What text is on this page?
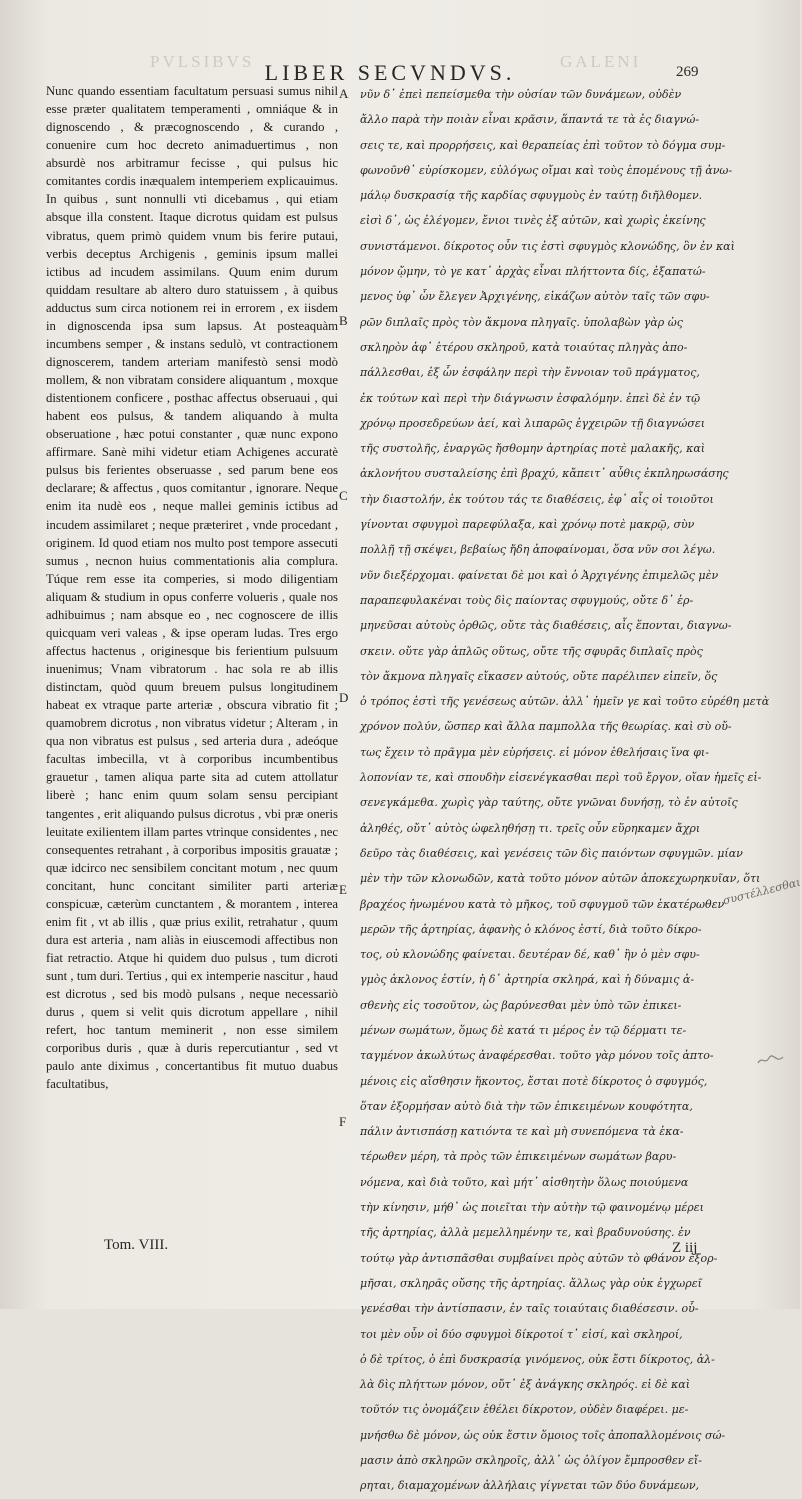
PVLSIBVS	GALENI
LIBER SECVNDVS.	269

Nunc quando essentiam facultatum persuasi sumus nihil esse præter qualitatem temperamenti , omniáque & in dignoscendo , & præcognoscendo , & curando , conuenire cum hoc decreto animaduertimus , non absurdè nos arbitramur fecisse , qui pulsus hic comitantes cordis inæqualem intemperiem explicauimus. In quibus , sunt nonnulli vti dicebamus , qui etiam absque illa constent. Itaque dicrotus quidam est pulsus vibratus, quem primò quidem vnum bis ferire putaui, verbis deceptus Archigenis , geminis ipsum mallei ictibus ad incudem assimilans. Quum enim durum quiddam resultare ab altero duro statuissem , à quibus adductus sum circa notionem rei in errorem , ex iisdem in dignoscenda ipsa sum lapsus. At posteaquàm incumbens semper , & instans sedulò, vt contractionem dignoscerem, tandem arteriam manifestò sensi modò mollem, & non vibratam considere aliquantum , moxque distentionem conficere , posthac affectus obseruaui , qui habent eos pulsus, & tandem aliquando à multa obseruatione , hæc potui constanter , quæ nunc expono affirmare. Sanè mihi videtur etiam Achigenes accuratè pulsus bis ferientes obseruasse , sed parum bene eos declarare; & affectus , quos comitantur , ignorare. Neque enim ita nudè eos , neque mallei geminis ictibus ad incudem assimilaret ; neque præteriret , vnde procedant , originem. Id quod etiam nos multo post tempore assecuti sumus , necnon huius commentationis alia complura. Túque rem esse ita comperies, si modo diligentiam aliquam & studium in opus conferre volueris , quale nos adhibuimus ; nam absque eo , nec cognoscere de illis quicquam veri valeas , & ipse operam ludas. Tres ergo affectus hactenus , originesque bis ferientium pulsuum inuenimus; Vnam vibratorum . hac sola re ab illis distinctam, quòd quum breuem pulsus longitudinem habeat ex vtraque parte arteriæ , obscura vibratio fit ; quamobrem dicrotus , non vibratus videtur ; Alteram , in qua non vibratus est pulsus , sed arteria dura , adeóque facultas imbecilla, vt à corporibus incumbentibus grauetur , tamen aliqua parte sita ad cutem attollatur liberè ; hanc enim quum solam sensu percipiant tangentes , erit aliquando pulsus dicrotus , vbi præ oneris leuitate exilientem illam partes vtrinque considentes , nec consequentes retrahant , à corporibus impositis grauatæ ; quæ idcirco nec sensibilem concitant motum , nec quum concitant, hunc concitant similiter parti arteriæ conspicuæ, cæterùm cunctantem , & morantem , interea enim fit , vt ab illis , quæ prius exilit, retrahatur , quum dura est arteria , nam aliàs in eiuscemodi affectibus non fiat retractio. Atque hi quidem duo pulsus , tum dicroti sunt , tum duri. Tertius , qui ex intemperie nascitur , haud est dicrotus , sed bis modò pulsans , neque necessariò durus , quem si velit quis dicrotum appellare , nihil refert, hoc tantum meminerit , non esse similem corporibus duris , quæ à duris repercutiantur , sed vt paulo ante diximus , concertantibus fit mutuo duabus facultatibus,

A
B
C
D
E
F
νῦν δ᾽ ἐπεὶ πεπείσμεθα τὴν οὐσίαν τῶν δυνάμεων, οὐδὲν
ἄλλο παρὰ τὴν ποιὰν εἶναι κρᾶσιν, ἅπαντά τε τὰ ἐς διαγνώ-
σεις τε, καὶ προρρήσεις, καὶ θεραπείας ἐπὶ τοῦτον τὸ δόγμα συμ-
φωνοῦνθ᾽ εὑρίσκομεν, εὐλόγως οἴμαι καὶ τοὺς ἑπομένους τῇ ἀνω-
μάλῳ δυσκρασίᾳ τῆς καρδίας σφυγμοὺς ἐν ταύτῃ διῆλθομεν.
εἰσὶ δ᾽, ὡς ἐλέγομεν, ἔνιοι τινὲς ἐξ αὐτῶν, καὶ χωρὶς ἐκείνης
συνιστάμενοι. δίκροτος οὖν τις ἐστὶ σφυγμὸς κλονώδης, ὃν ἐν καὶ
μόνον ᾤμην, τὸ γε κατ᾽ ἀρχὰς εἶναι πλήττοντα δίς, ἐξαπατώ-
μενος ὑφ᾽ ὧν ἔλεγεν Ἀρχιγένης, εἰκάζων αὐτὸν ταῖς τῶν σφυ-
ρῶν διπλαῖς πρὸς τὸν ἄκμονα πληγαῖς. ὑπολαβὼν γὰρ ὡς
σκληρὸν ἀφ᾽ ἑτέρου σκληροῦ, κατὰ τοιαύτας πληγὰς ἀπο-
πάλλεσθαι, ἐξ ὧν ἐσφάλην περὶ τὴν ἔννοιαν τοῦ πράγματος,
ἐκ τούτων καὶ περὶ τὴν διάγνωσιν ἐσφαλόμην. ἐπεὶ δὲ ἐν τῷ
χρόνῳ προσεδρεύων ἀεί, καὶ λιπαρῶς ἐγχειρῶν τῇ διαγνώσει
τῆς συστολῆς, ἐναργῶς ἤσθομην ἀρτηρίας ποτὲ μαλακῆς, καὶ
ἀκλονήτου συσταλείσης ἐπὶ βραχύ, κἄπειτ᾽ αὖθις ἐκπληρωσάσης
τὴν διαστολήν, ἐκ τούτου τάς τε διαθέσεις, ἐφ᾽ αἷς οἱ τοιοῦτοι
γίνονται σφυγμοὶ παρεφύλαξα, καὶ χρόνῳ ποτὲ μακρῷ, σὺν
πολλῇ τῇ σκέψει, βεβαίως ἤδη ἀποφαίνομαι, ὅσα νῦν σοι λέγω.
νῦν διεξέρχομαι. φαίνεται δὲ μοι καὶ ὁ Ἀρχιγένης ἐπιμελῶς μὲν
παραπεφυλακέναι τοὺς δὶς παίοντας σφυγμούς, οὔτε δ᾽ ἑρ-
μηνεῦσαι αὐτοὺς ὀρθῶς, οὔτε τὰς διαθέσεις, αἷς ἕπονται, διαγνω-
σκειν. οὔτε γὰρ ἁπλῶς οὕτως, οὔτε τῆς σφυρᾶς διπλαῖς πρὸς
τὸν ἄκμονα πληγαῖς εἴκασεν αὐτούς, οὔτε παρέλιπεν εἰπεῖν, ὅς
ὁ τρόπος ἐστὶ τῆς γενέσεως αὐτῶν. ἀλλ᾽ ἡμεῖν γε καὶ τοῦτο εὑρέθη μετὰ
χρόνον πολύν, ὥσπερ καὶ ἄλλα παμπολλα τῆς θεωρίας. καὶ σὺ οὔ-
τως ἔχειν τὸ πρᾶγμα μὲν εὑρήσεις. εἰ μόνον ἐθελήσαις ἵνα φι-
λοπονίαν τε, καὶ σπουδὴν εἰσενέγκασθαι περὶ τοῦ ἔργον, οἵαν ἡμεῖς εἰ-
σενεγκάμεθα. χωρὶς γὰρ ταύτης, οὔτε γνῶναι δυνήσῃ, τὸ ἐν αὐτοῖς
ἀληθές, οὔτ᾽ αὐτὸς ὠφεληθήσῃ τι. τρεῖς οὖν εὕρηκαμεν ἄχρι
δεῦρο τὰς διαθέσεις, καὶ γενέσεις τῶν δὶς παιόντων σφυγμῶν. μίαν
μὲν τὴν τῶν κλονωδῶν, κατὰ τοῦτο μόνον αὐτῶν ἀποκεχωρηκυῖαν, ὅτι
βραχέος ἠνωμένου κατὰ τὸ μῆκος, τοῦ σφυγμοῦ τῶν ἑκατέρωθεν
μερῶν τῆς ἀρτηρίας, ἀφανὴς ὁ κλόνος ἐστί, διὰ τοῦτο δίκρο-
τος, οὐ κλονώδης φαίνεται. δευτέραν δέ, καθ᾽ ἣν ὁ μὲν σφυ-
γμὸς ἀκλονος ἐστίν, ἡ δ᾽ ἀρτηρία σκληρά, καὶ ἡ δύναμις ἀ-
σθενὴς εἰς τοσοῦτον, ὡς βαρύνεσθαι μὲν ὑπὸ τῶν ἐπικει-
μένων σωμάτων, ὅμως δὲ κατά τι μέρος ἐν τῷ δέρματι τε-
ταγμένον ἀκωλύτως ἀναφέρεσθαι. τοῦτο γὰρ μόνου τοῖς ἁπτο-
μένοις εἰς αἴσθησιν ἥκοντος, ἔσται ποτὲ δίκροτος ὁ σφυγμός,
ὅταν ἐξορμήσαν αὐτὸ διὰ τὴν τῶν ἐπικειμένων κουφότητα,
πάλιν ἀντισπάσῃ κατιόντα τε καὶ μὴ συνεπόμενα τὰ ἑκα-
τέρωθεν μέρη, τὰ πρὸς τῶν ἐπικειμένων σωμάτων βαρυ-
νόμενα, καὶ διὰ τοῦτο, καὶ μήτ᾽ αἰσθητὴν ὅλως ποιούμενα
τὴν κίνησιν, μήθ᾽ ὡς ποιεῖται τὴν αὐτὴν τῷ φαινομένῳ μέρει
τῆς ἀρτηρίας, ἀλλὰ μεμελλημένην τε, καὶ βραδυνούσης. ἐν
τούτῳ γὰρ ἀντισπᾶσθαι συμβαίνει πρὸς αὐτῶν τὸ φθάνον ἐξορ-
μῆσαι, σκληρᾶς οὔσης τῆς ἀρτηρίας. ἄλλως γὰρ οὐκ ἐγχωρεῖ
γενέσθαι τὴν ἀντίσπασιν, ἐν ταῖς τοιαύταις διαθέσεσιν. οὗ-
τοι μὲν οὖν οἱ δύο σφυγμοὶ δίκροτοί τ᾽ εἰσί, καὶ σκληροί,
ὁ δὲ τρίτος, ὁ ἐπὶ δυσκρασίᾳ γινόμενος, οὐκ ἔστι δίκροτος, ἀλ-
λὰ δὶς πλήττων μόνον, οὔτ᾽ ἐξ ἀνάγκης σκληρός. εἰ δὲ καὶ
τοῦτόν τις ὀνομάζειν ἐθέλει δίκροτον, οὐδὲν διαφέρει. με-
μνήσθω δὲ μόνον, ὡς οὐκ ἔστιν ὅμοιος τοῖς ἀποπαλλομένοις σώ-
μασιν ἀπὸ σκληρῶν σκληροῖς, ἀλλ᾽ ὡς ὀλίγον ἔμπροσθεν εἴ-
ρηται, διαμαχομένων ἀλλήλαις γίγνεται τῶν δύο δυνάμεων,
συστέλλεσθαι
Tom. VIII.	Z iij
